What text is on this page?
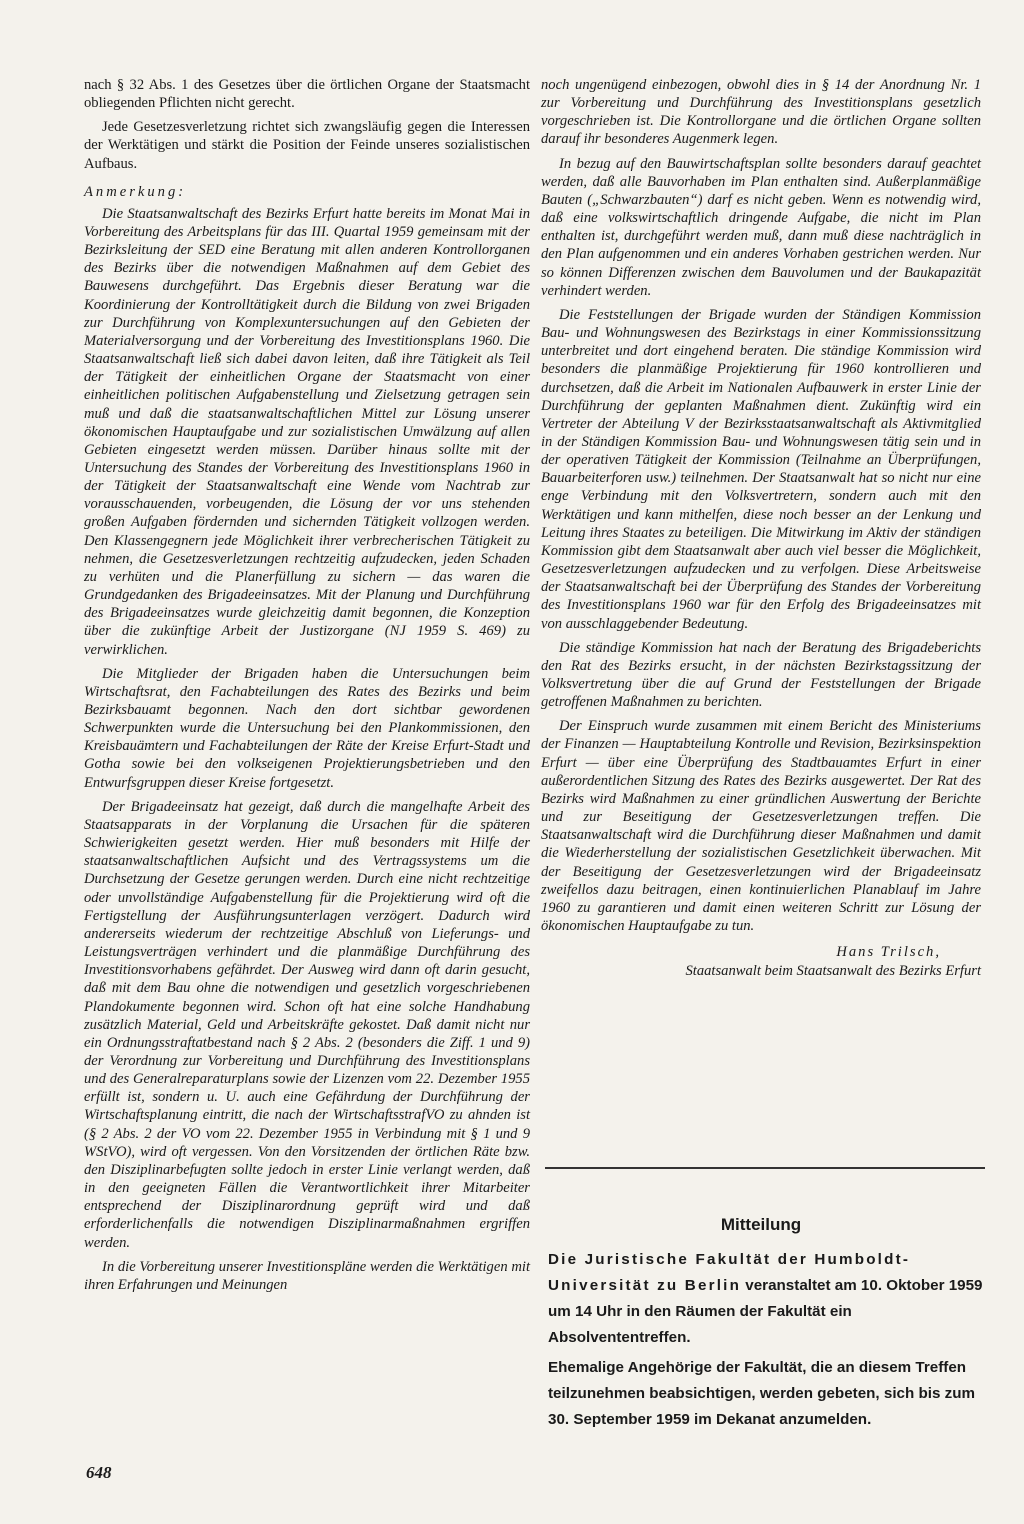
nach § 32 Abs. 1 des Gesetzes über die örtlichen Organe der Staatsmacht obliegenden Pflichten nicht gerecht.

Jede Gesetzesverletzung richtet sich zwangsläufig gegen die Interessen der Werktätigen und stärkt die Position der Feinde unseres sozialistischen Aufbaus.

Anmerkung:

Die Staatsanwaltschaft des Bezirks Erfurt hatte bereits im Monat Mai in Vorbereitung des Arbeitsplans für das III. Quartal 1959 gemeinsam mit der Bezirksleitung der SED eine Beratung mit allen anderen Kontrollorganen des Bezirks über die notwendigen Maßnahmen auf dem Gebiet des Bauwesens durchgeführt. Das Ergebnis dieser Beratung war die Koordinierung der Kontrolltätigkeit durch die Bildung von zwei Brigaden zur Durchführung von Komplexuntersuchungen auf den Gebieten der Materialversorgung und der Vorbereitung des Investitionsplans 1960. Die Staatsanwaltschaft ließ sich dabei davon leiten, daß ihre Tätigkeit als Teil der Tätigkeit der einheitlichen Organe der Staatsmacht von einer einheitlichen politischen Aufgabenstellung und Zielsetzung getragen sein muß und daß die staatsanwaltschaftlichen Mittel zur Lösung unserer ökonomischen Hauptaufgabe und zur sozialistischen Umwälzung auf allen Gebieten eingesetzt werden müssen. Darüber hinaus sollte mit der Untersuchung des Standes der Vorbereitung des Investitionsplans 1960 in der Tätigkeit der Staatsanwaltschaft eine Wende vom Nachtrab zur vorausschauenden, vorbeugenden, die Lösung der vor uns stehenden großen Aufgaben fördernden und sichernden Tätigkeit vollzogen werden. Den Klassengegnern jede Möglichkeit ihrer verbrecherischen Tätigkeit zu nehmen, die Gesetzesverletzungen rechtzeitig aufzudecken, jeden Schaden zu verhüten und die Planerfüllung zu sichern — das waren die Grundgedanken des Brigadeeinsatzes. Mit der Planung und Durchführung des Brigadeeinsatzes wurde gleichzeitig damit begonnen, die Konzeption über die zukünftige Arbeit der Justizorgane (NJ 1959 S. 469) zu verwirklichen.

Die Mitglieder der Brigaden haben die Untersuchungen beim Wirtschaftsrat, den Fachabteilungen des Rates des Bezirks und beim Bezirksbauamt begonnen. Nach den dort sichtbar gewordenen Schwerpunkten wurde die Untersuchung bei den Plankommissionen, den Kreisbauämtern und Fachabteilungen der Räte der Kreise Erfurt-Stadt und Gotha sowie bei den volkseigenen Projektierungsbetrieben und den Entwurfsgruppen dieser Kreise fortgesetzt.

Der Brigadeeinsatz hat gezeigt, daß durch die mangelhafte Arbeit des Staatsapparats in der Vorplanung die Ursachen für die späteren Schwierigkeiten gesetzt werden. Hier muß besonders mit Hilfe der staatsanwaltschaftlichen Aufsicht und des Vertragssystems um die Durchsetzung der Gesetze gerungen werden. Durch eine nicht rechtzeitige oder unvollständige Aufgabenstellung für die Projektierung wird oft die Fertigstellung der Ausführungsunterlagen verzögert. Dadurch wird andererseits wiederum der rechtzeitige Abschluß von Lieferungs- und Leistungsverträgen verhindert und die planmäßige Durchführung des Investitionsvorhabens gefährdet. Der Ausweg wird dann oft darin gesucht, daß mit dem Bau ohne die notwendigen und gesetzlich vorgeschriebenen Plandokumente begonnen wird. Schon oft hat eine solche Handhabung zusätzlich Material, Geld und Arbeitskräfte gekostet. Daß damit nicht nur ein Ordnungsstraftatbestand nach § 2 Abs. 2 (besonders die Ziff. 1 und 9) der Verordnung zur Vorbereitung und Durchführung des Investitionsplans und des Generalreparaturplans sowie der Lizenzen vom 22. Dezember 1955 erfüllt ist, sondern u. U. auch eine Gefährdung der Durchführung der Wirtschaftsplanung eintritt, die nach der WirtschaftsstrafVO zu ahnden ist (§ 2 Abs. 2 der VO vom 22. Dezember 1955 in Verbindung mit § 1 und 9 WStVO), wird oft vergessen. Von den Vorsitzenden der örtlichen Räte bzw. den Disziplinarbefugten sollte jedoch in erster Linie verlangt werden, daß in den geeigneten Fällen die Verantwortlichkeit ihrer Mitarbeiter entsprechend der Disziplinarordnung geprüft wird und daß erforderlichenfalls die notwendigen Disziplinarmaßnahmen ergriffen werden.

In die Vorbereitung unserer Investitionspläne werden die Werktätigen mit ihren Erfahrungen und Meinungen

noch ungenügend einbezogen, obwohl dies in § 14 der Anordnung Nr. 1 zur Vorbereitung und Durchführung des Investitionsplans gesetzlich vorgeschrieben ist. Die Kontrollorgane und die örtlichen Organe sollten darauf ihr besonderes Augenmerk legen.

In bezug auf den Bauwirtschaftsplan sollte besonders darauf geachtet werden, daß alle Bauvorhaben im Plan enthalten sind. Außerplanmäßige Bauten („Schwarzbauten“) darf es nicht geben. Wenn es notwendig wird, daß eine volkswirtschaftlich dringende Aufgabe, die nicht im Plan enthalten ist, durchgeführt werden muß, dann muß diese nachträglich in den Plan aufgenommen und ein anderes Vorhaben gestrichen werden. Nur so können Differenzen zwischen dem Bauvolumen und der Baukapazität verhindert werden.

Die Feststellungen der Brigade wurden der Ständigen Kommission Bau- und Wohnungswesen des Bezirkstags in einer Kommissionssitzung unterbreitet und dort eingehend beraten. Die ständige Kommission wird besonders die planmäßige Projektierung für 1960 kontrollieren und durchsetzen, daß die Arbeit im Nationalen Aufbauwerk in erster Linie der Durchführung der geplanten Maßnahmen dient. Zukünftig wird ein Vertreter der Abteilung V der Bezirksstaatsanwaltschaft als Aktivmitglied in der Ständigen Kommission Bau- und Wohnungswesen tätig sein und in der operativen Tätigkeit der Kommission (Teilnahme an Überprüfungen, Bauarbeiterforen usw.) teilnehmen. Der Staatsanwalt hat so nicht nur eine enge Verbindung mit den Volksvertretern, sondern auch mit den Werktätigen und kann mithelfen, diese noch besser an der Lenkung und Leitung ihres Staates zu beteiligen. Die Mitwirkung im Aktiv der ständigen Kommission gibt dem Staatsanwalt aber auch viel besser die Möglichkeit, Gesetzesverletzungen aufzudecken und zu verfolgen. Diese Arbeitsweise der Staatsanwaltschaft bei der Überprüfung des Standes der Vorbereitung des Investitionsplans 1960 war für den Erfolg des Brigadeeinsatzes mit von ausschlaggebender Bedeutung.

Die ständige Kommission hat nach der Beratung des Brigadeberichts den Rat des Bezirks ersucht, in der nächsten Bezirkstagssitzung der Volksvertretung über die auf Grund der Feststellungen der Brigade getroffenen Maßnahmen zu berichten.

Der Einspruch wurde zusammen mit einem Bericht des Ministeriums der Finanzen — Hauptabteilung Kontrolle und Revision, Bezirksinspektion Erfurt — über eine Überprüfung des Stadtbauamtes Erfurt in einer außerordentlichen Sitzung des Rates des Bezirks ausgewertet. Der Rat des Bezirks wird Maßnahmen zu einer gründlichen Auswertung der Berichte und zur Beseitigung der Gesetzesverletzungen treffen. Die Staatsanwaltschaft wird die Durchführung dieser Maßnahmen und damit die Wiederherstellung der sozialistischen Gesetzlichkeit überwachen. Mit der Beseitigung der Gesetzesverletzungen wird der Brigadeeinsatz zweifellos dazu beitragen, einen kontinuierlichen Planablauf im Jahre 1960 zu garantieren und damit einen weiteren Schritt zur Lösung der ökonomischen Hauptaufgabe zu tun.

Hans Trilsch,
Staatsanwalt beim Staatsanwalt des Bezirks Erfurt
Mitteilung

Die Juristische Fakultät der Humboldt-
Universität zu Berlin veranstaltet am 10. Oktober 1959 um 14 Uhr in den Räumen der Fakultät ein Absolvententreffen.

Ehemalige Angehörige der Fakultät, die an diesem Treffen teilzunehmen beabsichtigen, werden gebeten, sich bis zum 30. September 1959 im Dekanat anzumelden.

648
